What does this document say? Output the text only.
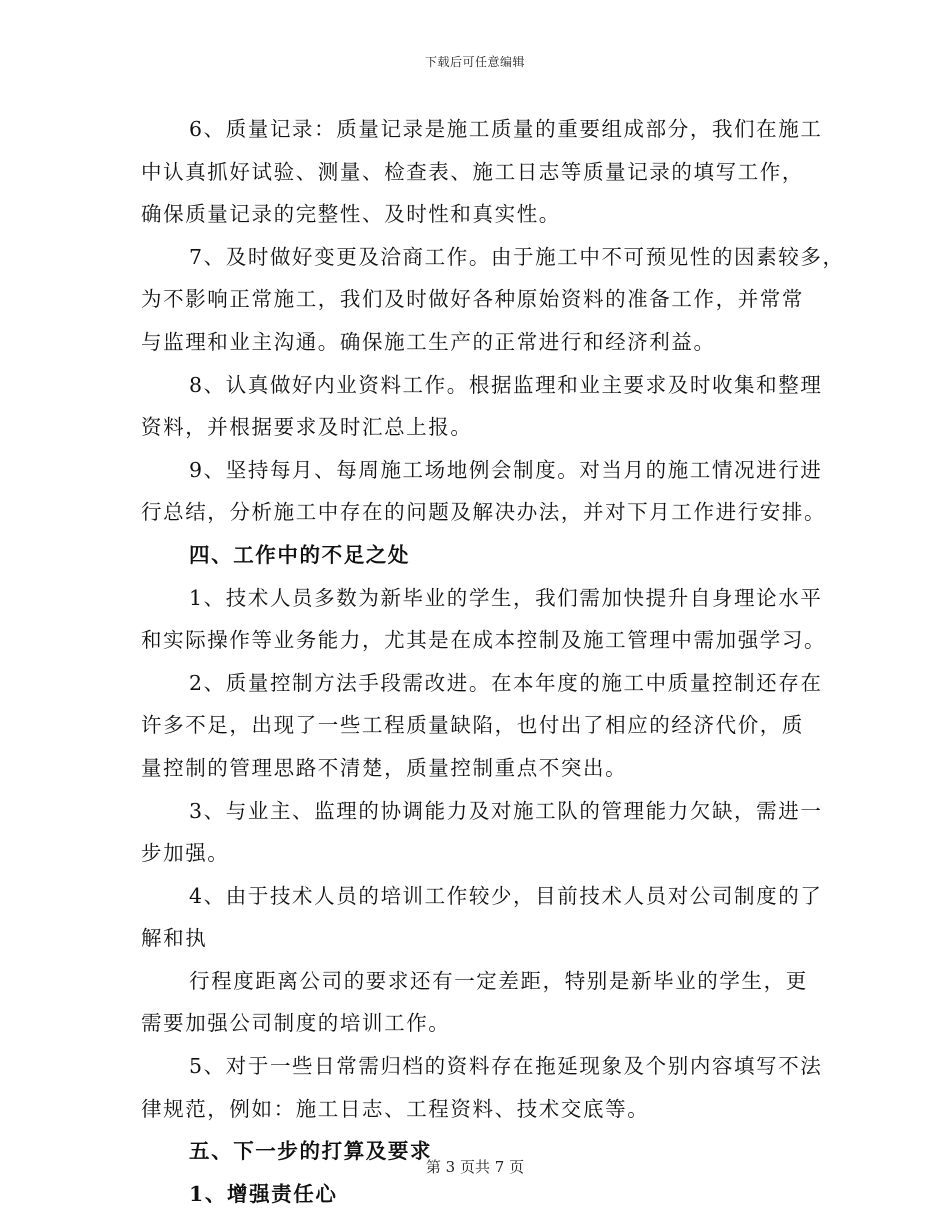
下载后可任意编辑
6、质量记录：质量记录是施工质量的重要组成部分，我们在施工
中认真抓好试验、测量、检查表、施工日志等质量记录的填写工作，
确保质量记录的完整性、及时性和真实性。
7、及时做好变更及洽商工作。由于施工中不可预见性的因素较多，
为不影响正常施工，我们及时做好各种原始资料的准备工作，并常常
与监理和业主沟通。确保施工生产的正常进行和经济利益。
8、认真做好内业资料工作。根据监理和业主要求及时收集和整理
资料，并根据要求及时汇总上报。
9、坚持每月、每周施工场地例会制度。对当月的施工情况进行进
行总结，分析施工中存在的问题及解决办法，并对下月工作进行安排。
四、工作中的不足之处
1、技术人员多数为新毕业的学生，我们需加快提升自身理论水平
和实际操作等业务能力，尤其是在成本控制及施工管理中需加强学习。
2、质量控制方法手段需改进。在本年度的施工中质量控制还存在
许多不足，出现了一些工程质量缺陷，也付出了相应的经济代价，质
量控制的管理思路不清楚，质量控制重点不突出。
3、与业主、监理的协调能力及对施工队的管理能力欠缺，需进一
步加强。
4、由于技术人员的培训工作较少，目前技术人员对公司制度的了
解和执
行程度距离公司的要求还有一定差距，特别是新毕业的学生，更
需要加强公司制度的培训工作。
5、对于一些日常需归档的资料存在拖延现象及个别内容填写不法
律规范，例如：施工日志、工程资料、技术交底等。
五、下一步的打算及要求
1、增强责任心
第 3 页共 7 页
